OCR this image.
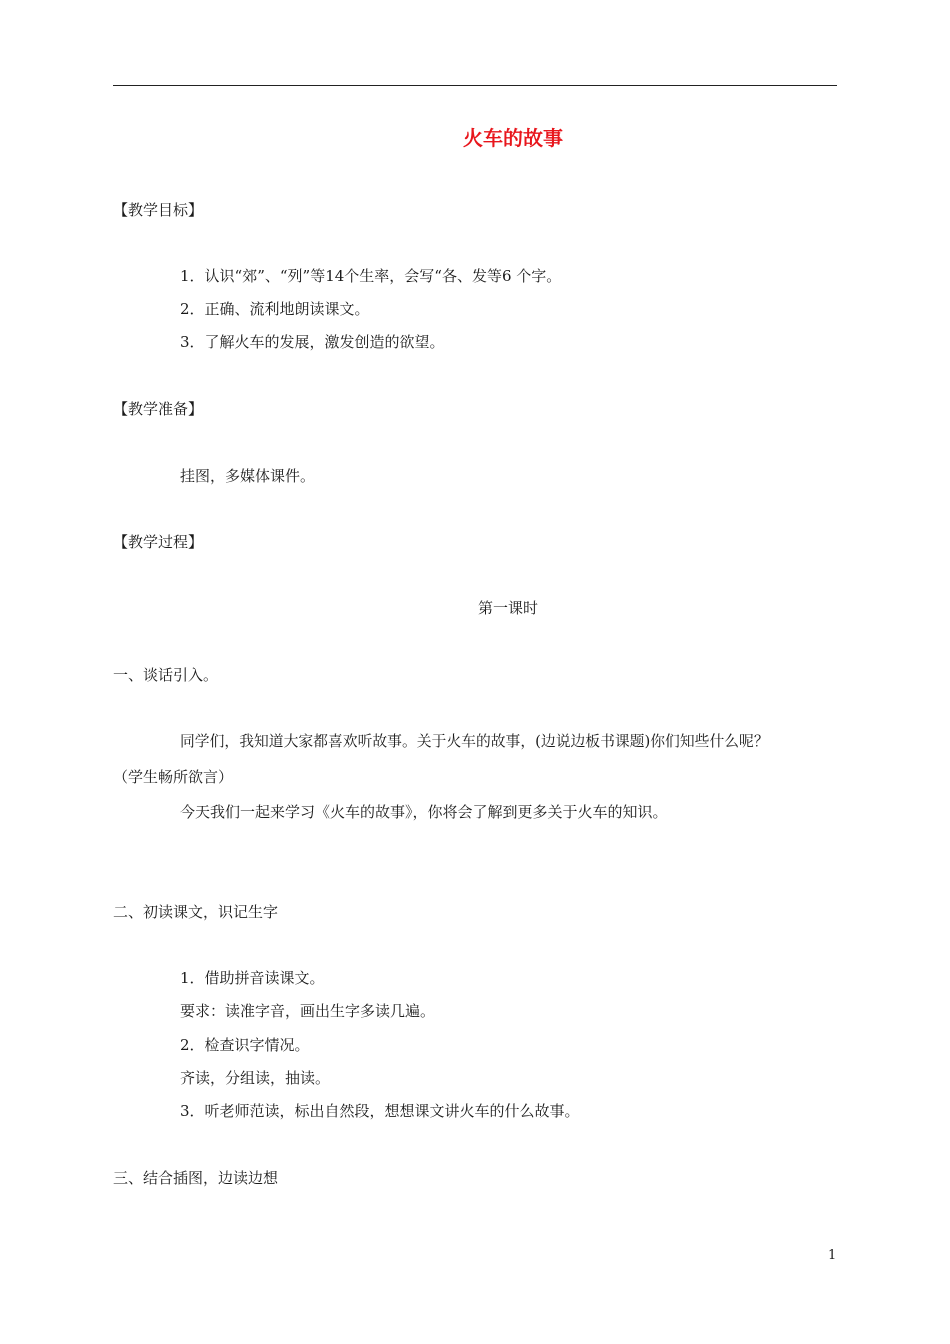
火车的故事
【教学目标】
1．认识“郊”、“列”等14个生率，会写“各、发等6 个字。
2．正确、流利地朗读课文。
3．了解火车的发展，激发创造的欲望。
【教学准备】
挂图，多媒体课件。
【教学过程】
第一课时
一、谈话引入。
同学们，我知道大家都喜欢听故事。关于火车的故事，(边说边板书课题)你们知些什么呢？
（学生畅所欲言）
今天我们一起来学习《火车的故事》，你将会了解到更多关于火车的知识。
二、初读课文，识记生字
1．借助拼音读课文。
要求：读准字音，画出生字多读几遍。
2．检查识字情况。
齐读，分组读，抽读。
3．听老师范读，标出自然段，想想课文讲火车的什么故事。
三、结合插图，边读边想
1
